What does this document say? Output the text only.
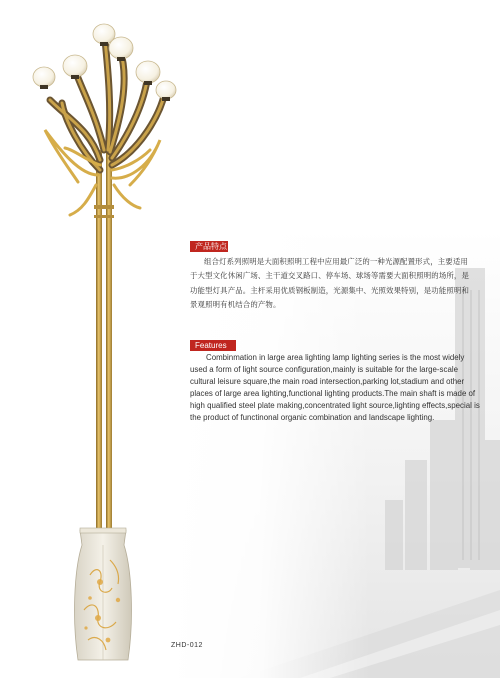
产品特点
组合灯系列照明是大面积照明工程中应用最广泛的一种光源配置形式，主要适用于大型文化休闲广场、主干道交叉路口、停车场、球场等需要大面积照明的场所，是功能型灯具产品。主杆采用优质钢板制造，光源集中、光照效果特别，是功能照明和景观照明有机结合的产物。
Features
Combinmation in large area lighting lamp lighting series is the most widely used a form of light source configuration,mainly is suitable for the large-scale cultural leisure square,the main road intersection,parking lot,stadium and other places of large area lighting,functional lighting products.The main shaft is made of high qualified steel plate making,concentrated light source,lighting effects,special is the product of functinonal organic combination and landscape lighting.
ZHD-012
